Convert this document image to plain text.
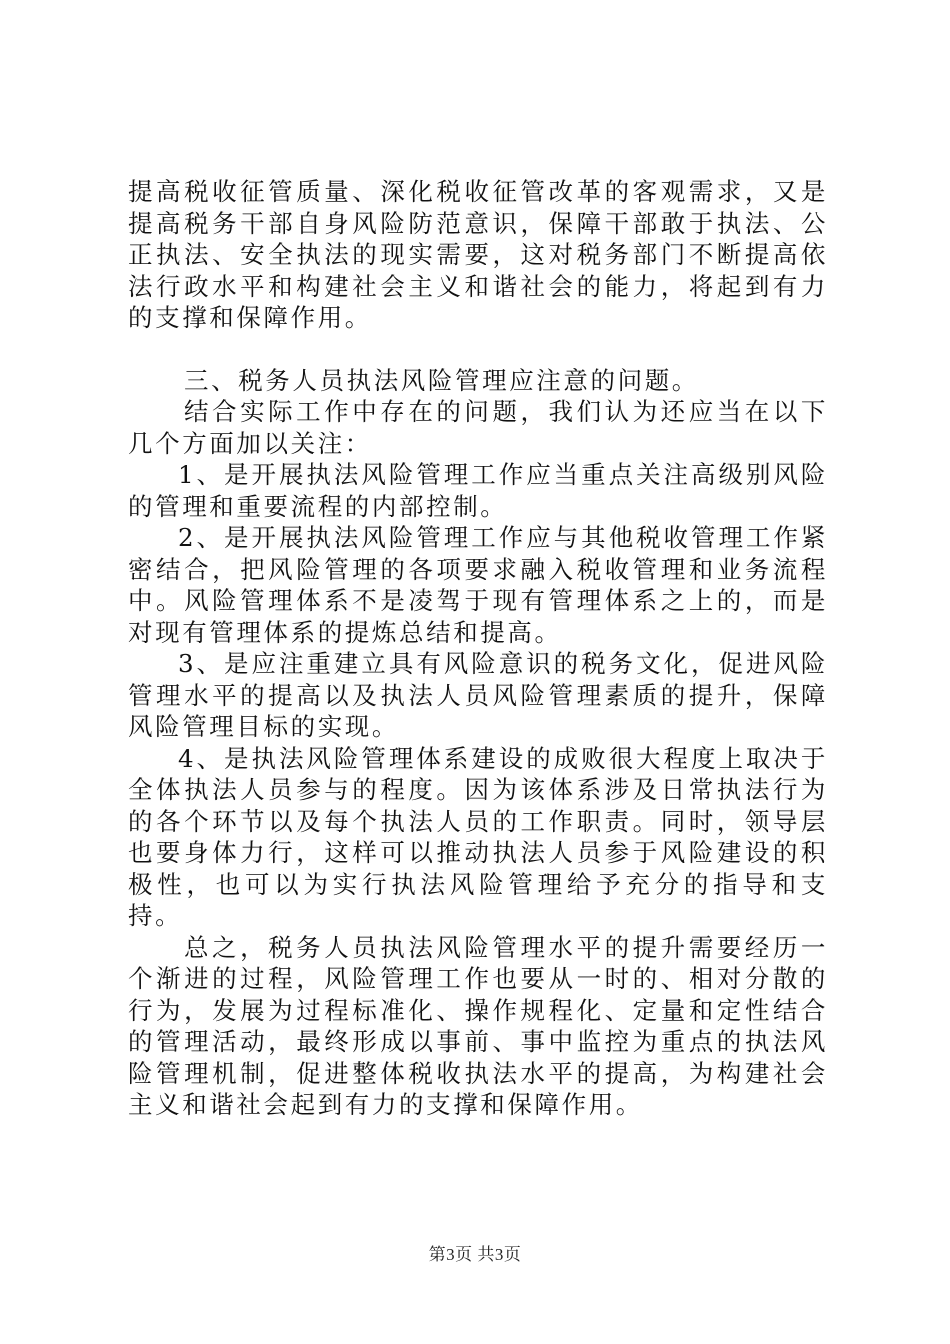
提高税收征管质量、深化税收征管改革的客观需求，又是提高税务干部自身风险防范意识，保障干部敢于执法、公正执法、安全执法的现实需要，这对税务部门不断提高依法行政水平和构建社会主义和谐社会的能力，将起到有力的支撑和保障作用。

三、税务人员执法风险管理应注意的问题。

结合实际工作中存在的问题，我们认为还应当在以下几个方面加以关注：

1、是开展执法风险管理工作应当重点关注高级别风险的管理和重要流程的内部控制。

2、是开展执法风险管理工作应与其他税收管理工作紧密结合，把风险管理的各项要求融入税收管理和业务流程中。风险管理体系不是凌驾于现有管理体系之上的，而是对现有管理体系的提炼总结和提高。

3、是应注重建立具有风险意识的税务文化，促进风险管理水平的提高以及执法人员风险管理素质的提升，保障风险管理目标的实现。

4、是执法风险管理体系建设的成败很大程度上取决于全体执法人员参与的程度。因为该体系涉及日常执法行为的各个环节以及每个执法人员的工作职责。同时，领导层也要身体力行，这样可以推动执法人员参于风险建设的积极性，也可以为实行执法风险管理给予充分的指导和支持。

总之，税务人员执法风险管理水平的提升需要经历一个渐进的过程，风险管理工作也要从一时的、相对分散的行为，发展为过程标准化、操作规程化、定量和定性结合的管理活动，最终形成以事前、事中监控为重点的执法风险管理机制，促进整体税收执法水平的提高，为构建社会主义和谐社会起到有力的支撑和保障作用。

第3页 共3页
